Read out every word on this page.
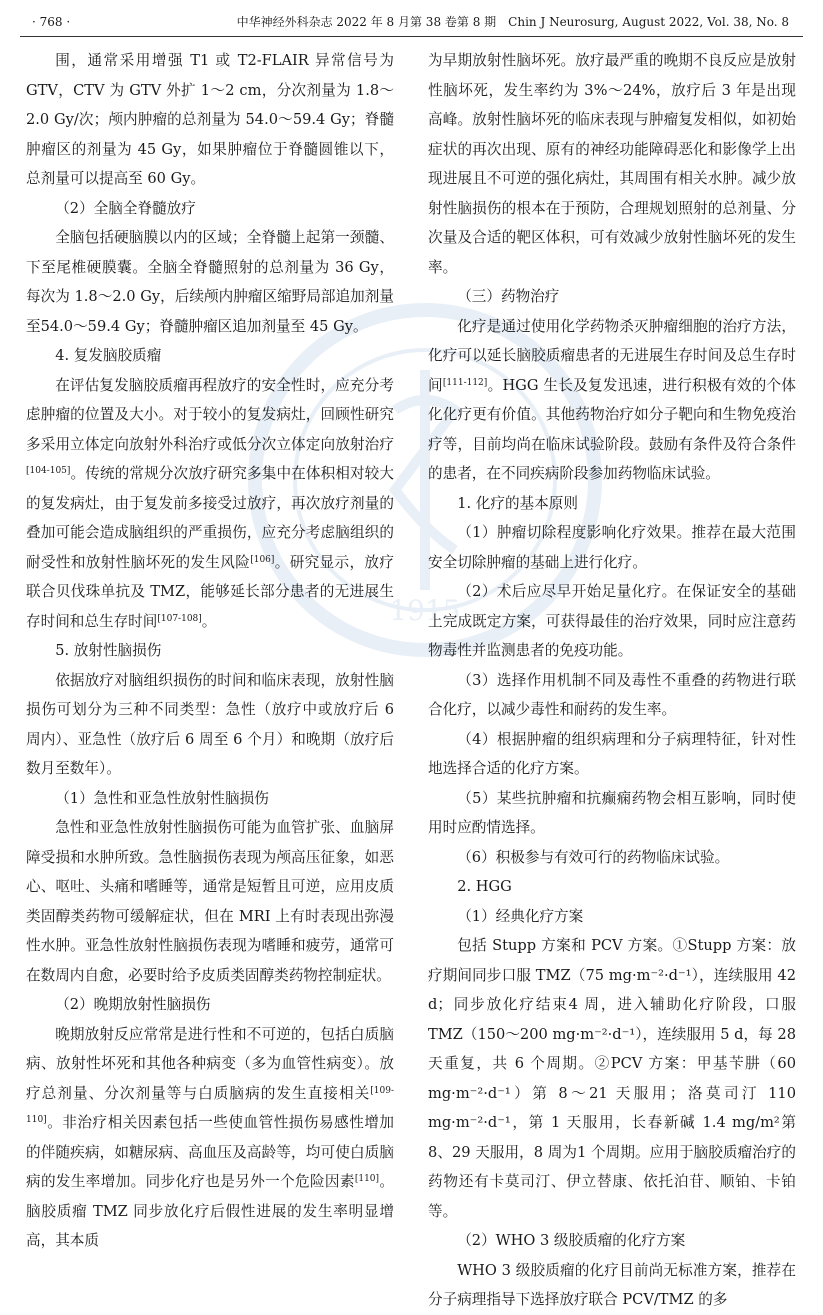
· 768 ·	中华神经外科杂志 2022 年 8 月第 38 卷第 8 期　Chin J Neurosurg, August 2022, Vol. 38, No. 8
1915

围，通常采用增强 T1 或 T2-FLAIR 异常信号为 GTV，CTV 为 GTV 外扩 1～2 cm，分次剂量为 1.8～2.0 Gy/次；颅内肿瘤的总剂量为 54.0～59.4 Gy；脊髓肿瘤区的剂量为 45 Gy，如果肿瘤位于脊髓圆锥以下，总剂量可以提高至 60 Gy。

（2）全脑全脊髓放疗

全脑包括硬脑膜以内的区域；全脊髓上起第一颈髓、下至尾椎硬膜囊。全脑全脊髓照射的总剂量为 36 Gy，每次为 1.8～2.0 Gy，后续颅内肿瘤区缩野局部追加剂量至54.0～59.4 Gy；脊髓肿瘤区追加剂量至 45 Gy。

4. 复发脑胶质瘤

在评估复发脑胶质瘤再程放疗的安全性时，应充分考虑肿瘤的位置及大小。对于较小的复发病灶，回顾性研究多采用立体定向放射外科治疗或低分次立体定向放射治疗[104-105]。传统的常规分次放疗研究多集中在体积相对较大的复发病灶，由于复发前多接受过放疗，再次放疗剂量的叠加可能会造成脑组织的严重损伤，应充分考虑脑组织的耐受性和放射性脑坏死的发生风险[106]。研究显示，放疗联合贝伐珠单抗及 TMZ，能够延长部分患者的无进展生存时间和总生存时间[107-108]。

5. 放射性脑损伤

依据放疗对脑组织损伤的时间和临床表现，放射性脑损伤可划分为三种不同类型：急性（放疗中或放疗后 6 周内）、亚急性（放疗后 6 周至 6 个月）和晚期（放疗后数月至数年）。

（1）急性和亚急性放射性脑损伤

急性和亚急性放射性脑损伤可能为血管扩张、血脑屏障受损和水肿所致。急性脑损伤表现为颅高压征象，如恶心、呕吐、头痛和嗜睡等，通常是短暂且可逆，应用皮质类固醇类药物可缓解症状，但在 MRI 上有时表现出弥漫性水肿。亚急性放射性脑损伤表现为嗜睡和疲劳，通常可在数周内自愈，必要时给予皮质类固醇类药物控制症状。

（2）晚期放射性脑损伤

晚期放射反应常常是进行性和不可逆的，包括白质脑病、放射性坏死和其他各种病变（多为血管性病变）。放疗总剂量、分次剂量等与白质脑病的发生直接相关[109-110]。非治疗相关因素包括一些使血管性损伤易感性增加的伴随疾病，如糖尿病、高血压及高龄等，均可使白质脑病的发生率增加。同步化疗也是另外一个危险因素[110]。脑胶质瘤 TMZ 同步放化疗后假性进展的发生率明显增高，其本质

为早期放射性脑坏死。放疗最严重的晚期不良反应是放射性脑坏死，发生率约为 3%～24%，放疗后 3 年是出现高峰。放射性脑坏死的临床表现与肿瘤复发相似，如初始症状的再次出现、原有的神经功能障碍恶化和影像学上出现进展且不可逆的强化病灶，其周围有相关水肿。减少放射性脑损伤的根本在于预防，合理规划照射的总剂量、分次量及合适的靶区体积，可有效减少放射性脑坏死的发生率。

（三）药物治疗

化疗是通过使用化学药物杀灭肿瘤细胞的治疗方法，化疗可以延长脑胶质瘤患者的无进展生存时间及总生存时间[111-112]。HGG 生长及复发迅速，进行积极有效的个体化化疗更有价值。其他药物治疗如分子靶向和生物免疫治疗等，目前均尚在临床试验阶段。鼓励有条件及符合条件的患者，在不同疾病阶段参加药物临床试验。

1. 化疗的基本原则

（1）肿瘤切除程度影响化疗效果。推荐在最大范围安全切除肿瘤的基础上进行化疗。

（2）术后应尽早开始足量化疗。在保证安全的基础上完成既定方案，可获得最佳的治疗效果，同时应注意药物毒性并监测患者的免疫功能。

（3）选择作用机制不同及毒性不重叠的药物进行联合化疗，以减少毒性和耐药的发生率。

（4）根据肿瘤的组织病理和分子病理特征，针对性地选择合适的化疗方案。

（5）某些抗肿瘤和抗癫痫药物会相互影响，同时使用时应酌情选择。

（6）积极参与有效可行的药物临床试验。

2. HGG

（1）经典化疗方案

包括 Stupp 方案和 PCV 方案。①Stupp 方案：放疗期间同步口服 TMZ（75 mg·m⁻²·d⁻¹），连续服用 42 d；同步放化疗结束4 周，进入辅助化疗阶段，口服 TMZ（150～200 mg·m⁻²·d⁻¹），连续服用 5 d，每 28 天重复，共 6 个周期。②PCV 方案：甲基苄肼（60 mg·m⁻²·d⁻¹）第 8～21 天服用；洛莫司汀 110 mg·m⁻²·d⁻¹，第 1 天服用，长春新碱 1.4 mg/m²第 8、29 天服用，8 周为1 个周期。应用于脑胶质瘤治疗的药物还有卡莫司汀、伊立替康、依托泊苷、顺铂、卡铂等。

（2）WHO 3 级胶质瘤的化疗方案

WHO 3 级胶质瘤的化疗目前尚无标准方案，推荐在分子病理指导下选择放疗联合 PCV/TMZ 的多
